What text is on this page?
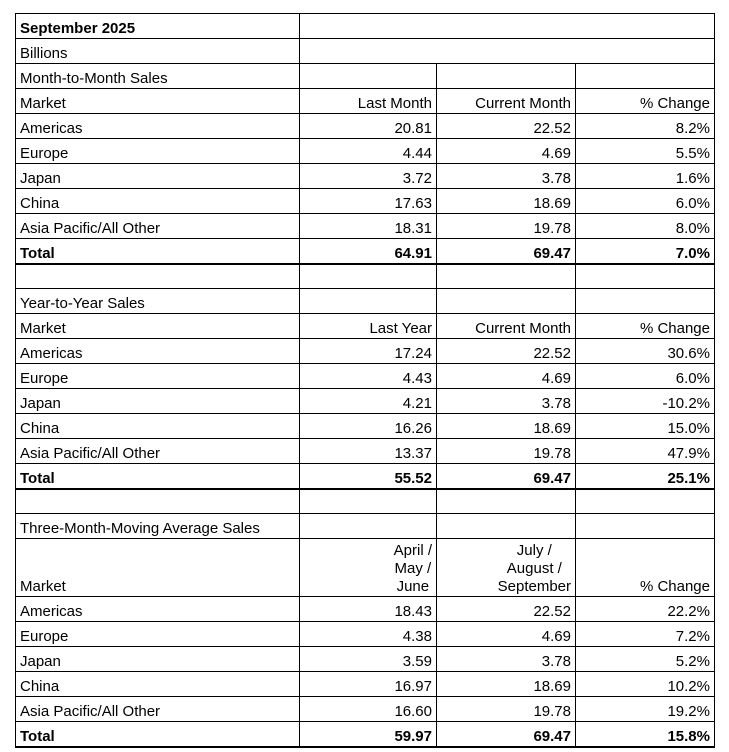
September 2025			
Billions			
Month-to-Month Sales			
Market	Last Month	Current Month	% Change
Americas	20.81	22.52	8.2%
Europe	4.44	4.69	5.5%
Japan	3.72	3.78	1.6%
China	17.63	18.69	6.0%
Asia Pacific/All Other	18.31	19.78	8.0%
Total	64.91	69.47	7.0%

Year-to-Year Sales			
Market	Last Year	Current Month	% Change
Americas	17.24	22.52	30.6%
Europe	4.43	4.69	6.0%
Japan	4.21	3.78	-10.2%
China	16.26	18.69	15.0%
Asia Pacific/All Other	13.37	19.78	47.9%
Total	55.52	69.47	25.1%

Three-Month-Moving Average Sales			
Market	April /
May /
June	July /
August /
September	% Change
Americas	18.43	22.52	22.2%
Europe	4.38	4.69	7.2%
Japan	3.59	3.78	5.2%
China	16.97	18.69	10.2%
Asia Pacific/All Other	16.60	19.78	19.2%
Total	59.97	69.47	15.8%
